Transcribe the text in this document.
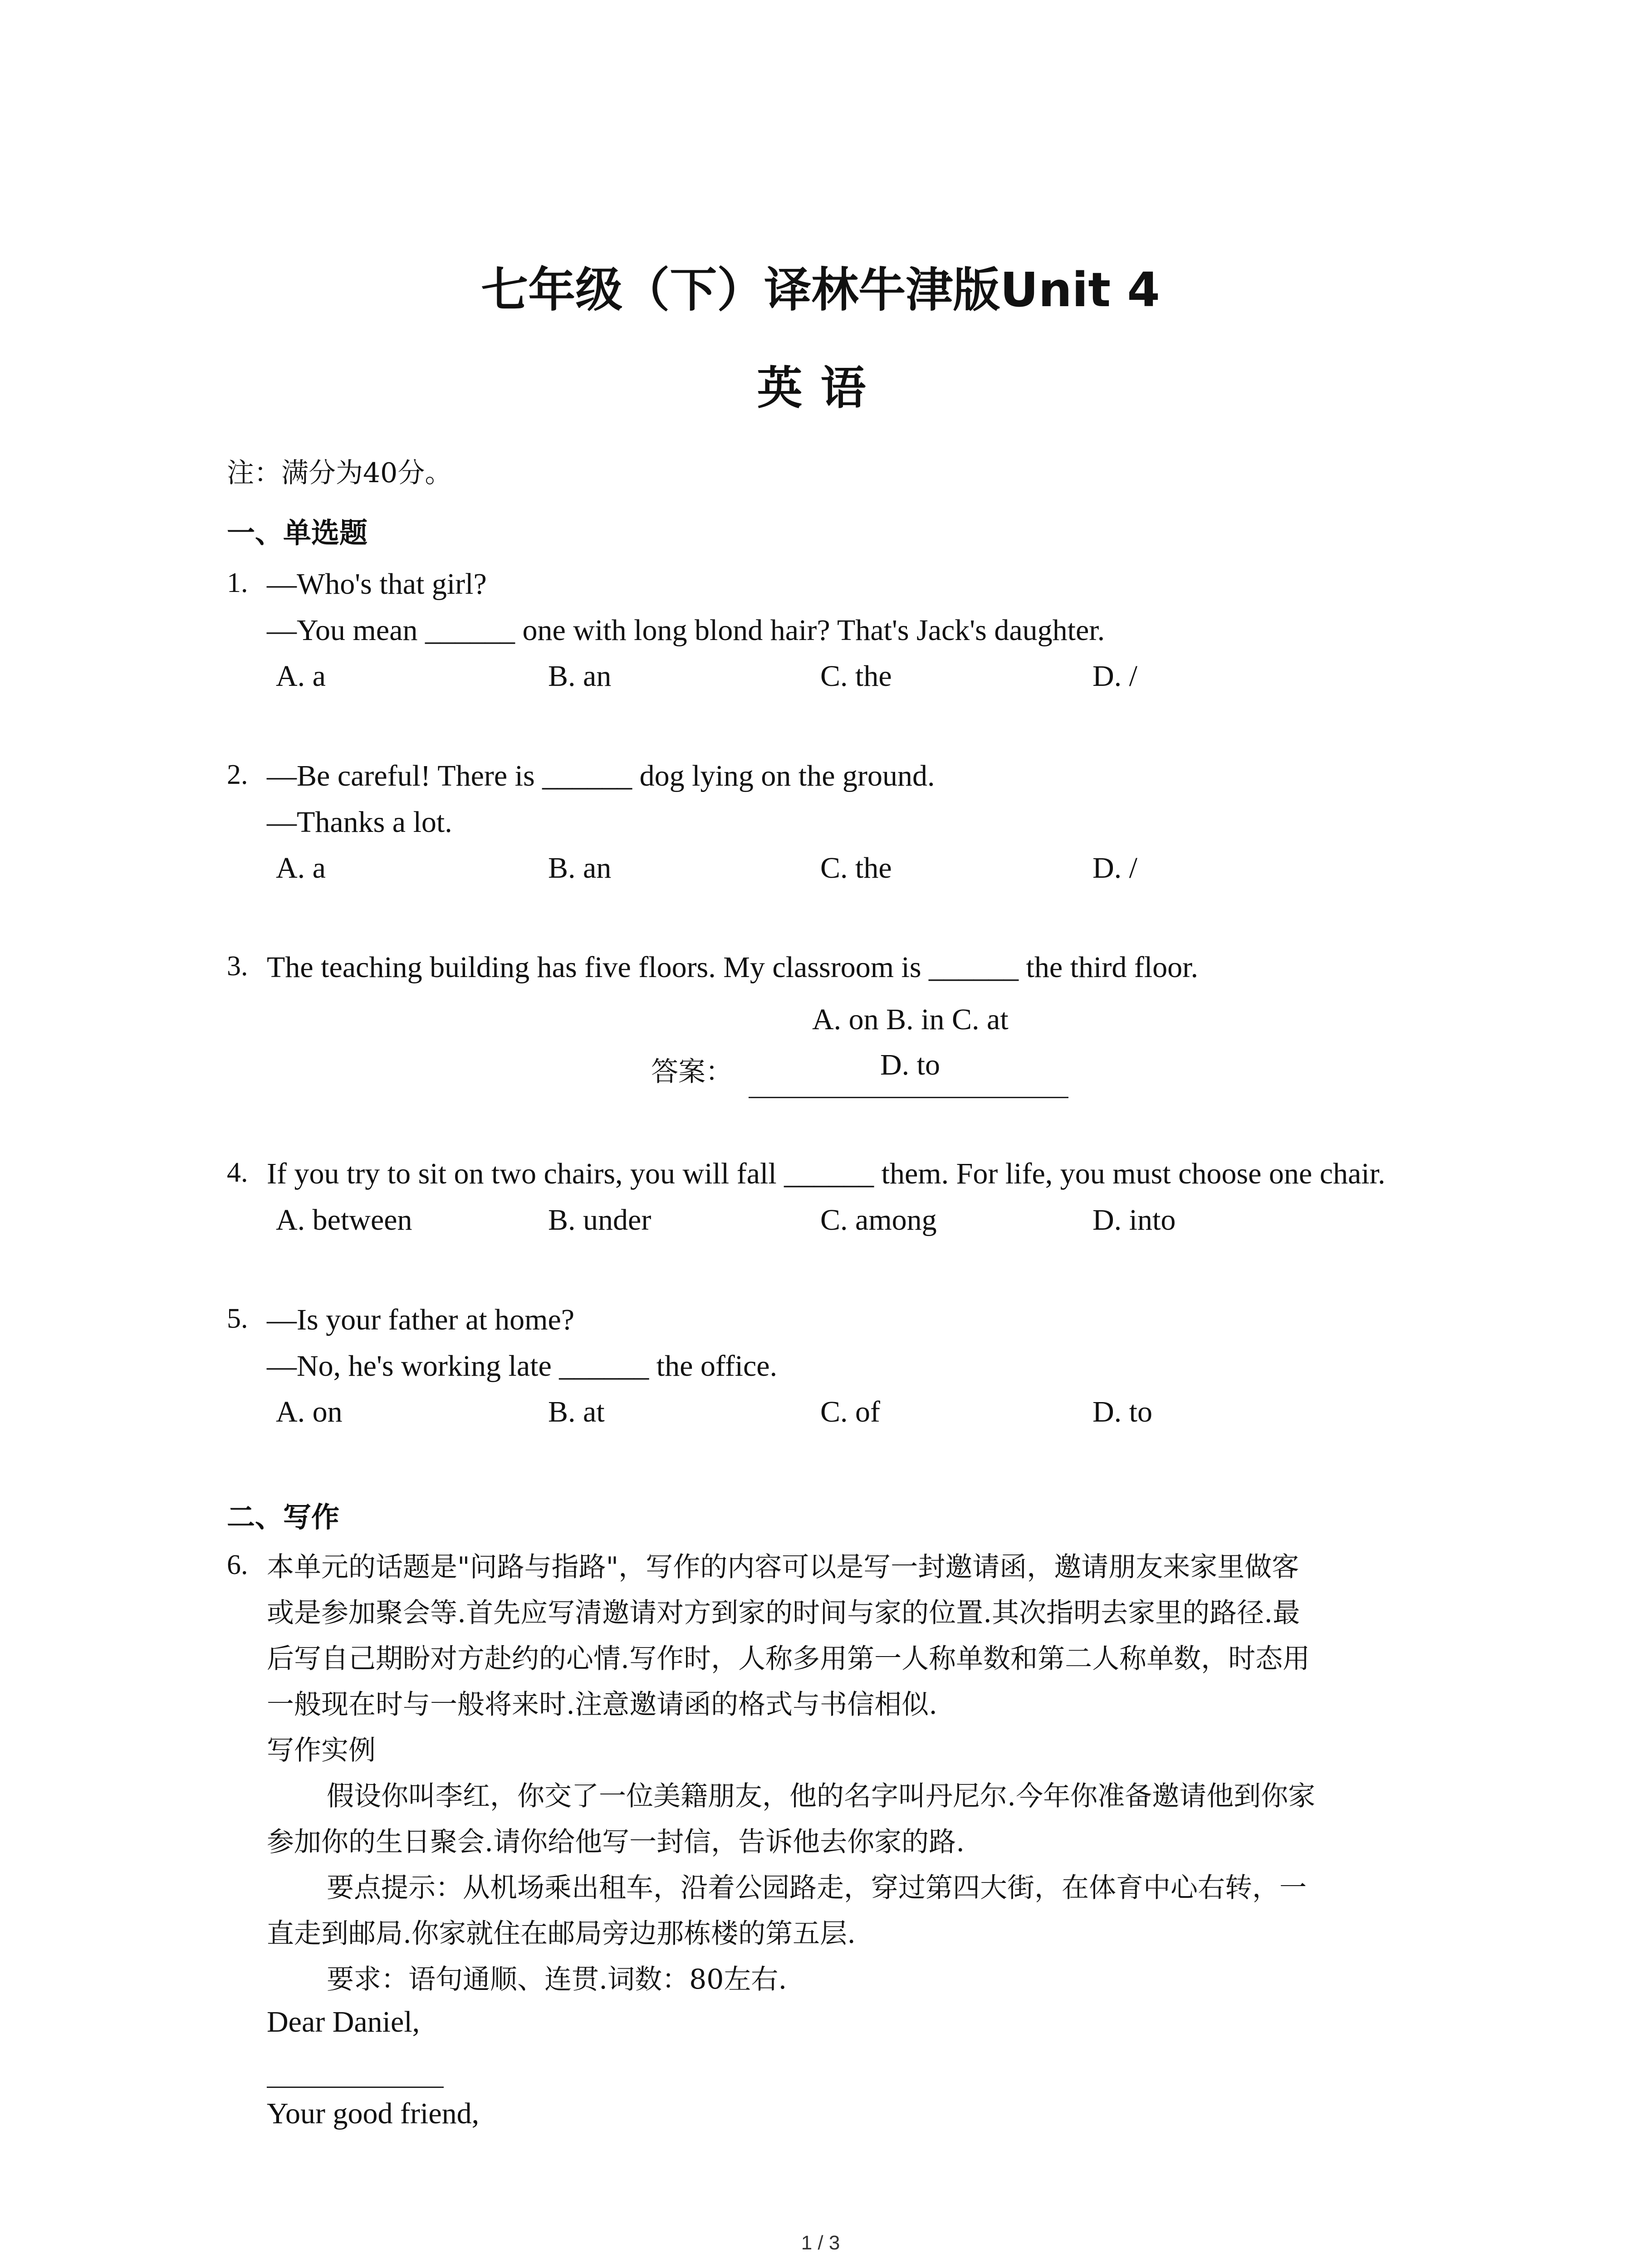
七年级（下）译林牛津版Unit 4
英语
注：满分为40分。
一、单选题
1. —Who's that girl?
—You mean ______ one with long blond hair? That's Jack's daughter.
A. a	B. an	C. the	D. /
2. —Be careful! There is ______ dog lying on the ground.
—Thanks a lot.
A. a	B. an	C. the	D. /
3. The teaching building has five floors. My classroom is ______ the third floor.
A. on B. in C. at
答案：	D. to
4. If you try to sit on two chairs, you will fall ______ them. For life, you must choose one chair.
A. between	B. under	C. among	D. into
5. —Is your father at home?
—No, he's working late ______ the office.
A. on	B. at	C. of	D. to
二、写作
6. 本单元的话题是"问路与指路"，写作的内容可以是写一封邀请函，邀请朋友来家里做客
或是参加聚会等.首先应写清邀请对方到家的时间与家的位置.其次指明去家里的路径.最
后写自己期盼对方赴约的心情.写作时，人称多用第一人称单数和第二人称单数，时态用
一般现在时与一般将来时.注意邀请函的格式与书信相似.
写作实例
假设你叫李红，你交了一位美籍朋友，他的名字叫丹尼尔.今年你准备邀请他到你家
参加你的生日聚会.请你给他写一封信，告诉他去你家的路.
要点提示：从机场乘出租车，沿着公园路走，穿过第四大街，在体育中心右转，一
直走到邮局.你家就住在邮局旁边那栋楼的第五层.
要求：语句通顺、连贯.词数：80左右.
Dear Daniel,
Your good friend,
1 / 3
